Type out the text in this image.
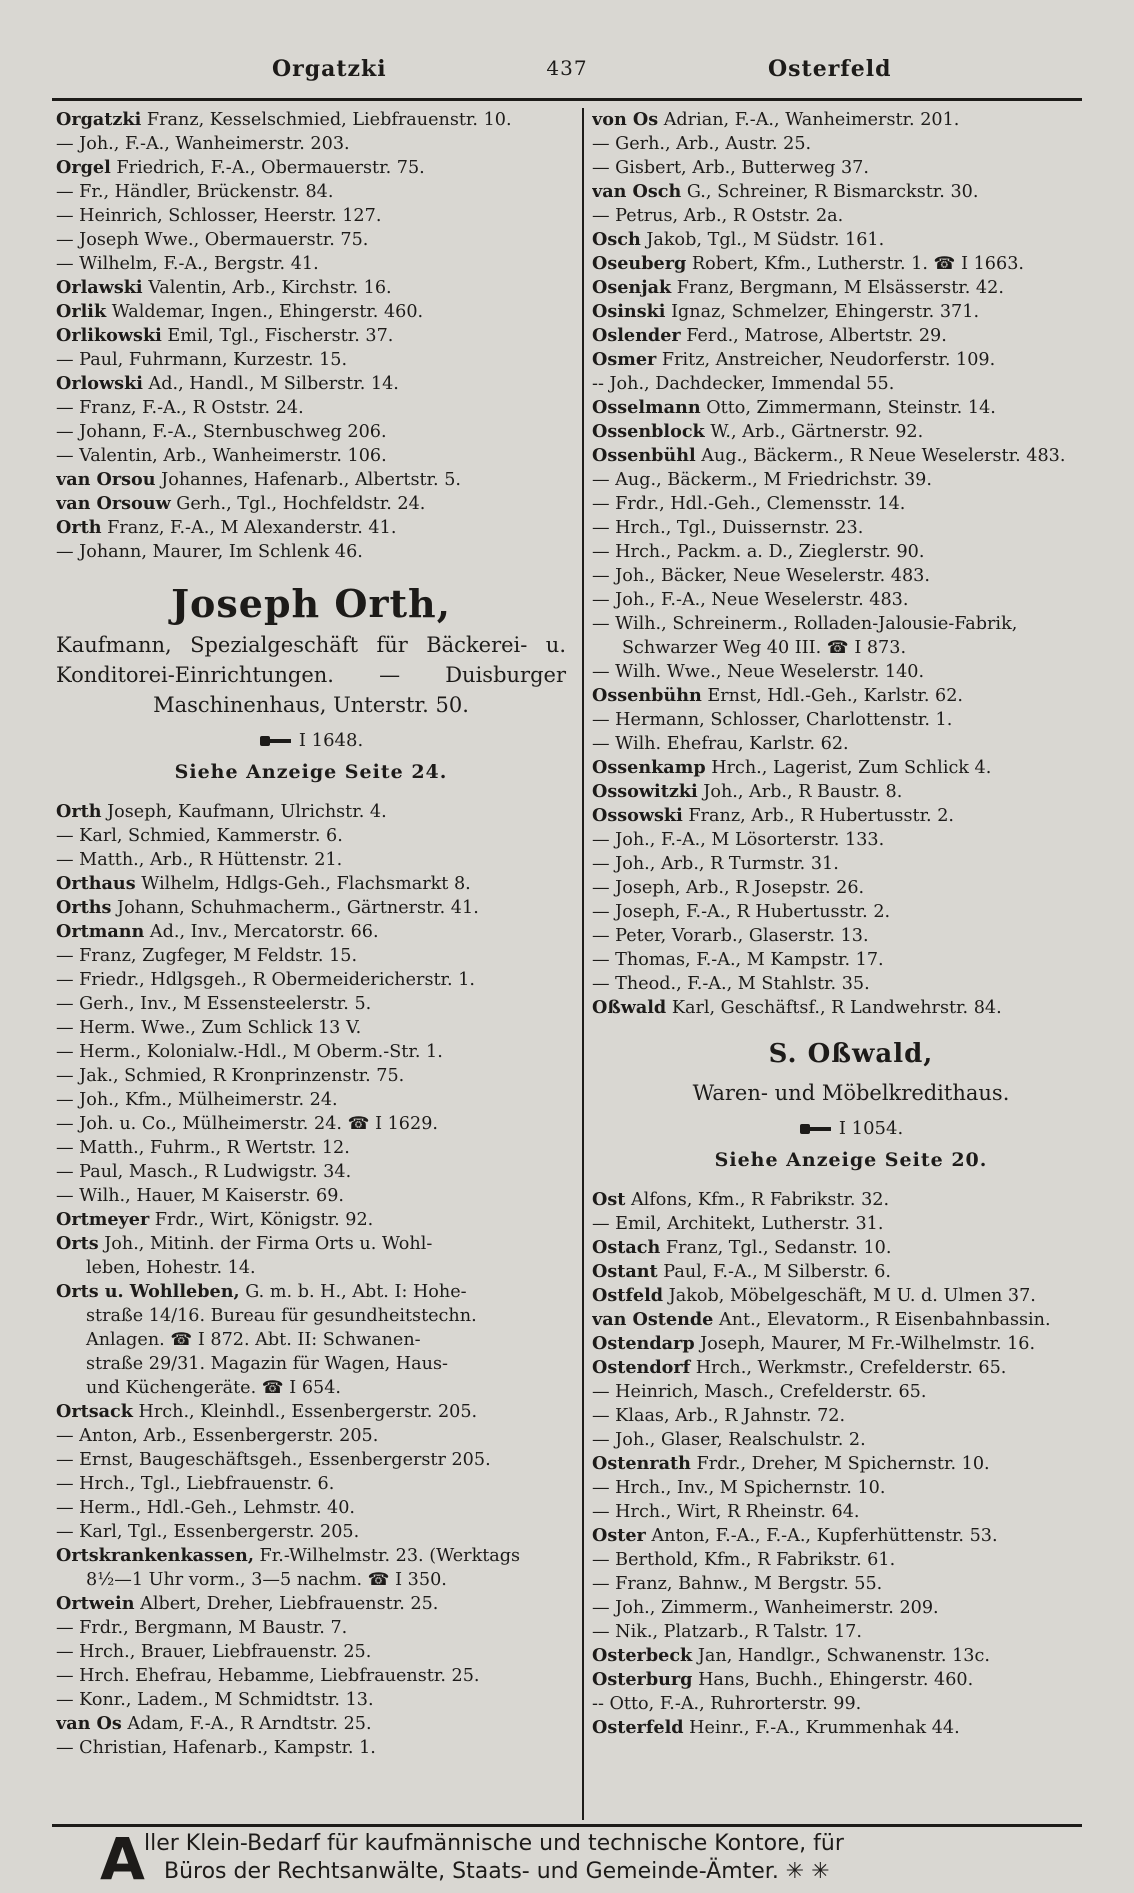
Orgatzki	437	Osterfeld
Orgatzki Franz, Kesselschmied, Liebfrauenstr. 10.
— Joh., F.-A., Wanheimerstr. 203.
Orgel Friedrich, F.-A., Obermauerstr. 75.
— Fr., Händler, Brückenstr. 84.
— Heinrich, Schlosser, Heerstr. 127.
— Joseph Wwe., Obermauerstr. 75.
— Wilhelm, F.-A., Bergstr. 41.
Orlawski Valentin, Arb., Kirchstr. 16.
Orlik Waldemar, Ingen., Ehingerstr. 460.
Orlikowski Emil, Tgl., Fischerstr. 37.
— Paul, Fuhrmann, Kurzestr. 15.
Orlowski Ad., Handl., M Silberstr. 14.
— Franz, F.-A., R Oststr. 24.
— Johann, F.-A., Sternbuschweg 206.
— Valentin, Arb., Wanheimerstr. 106.
van Orsou Johannes, Hafenarb., Albertstr. 5.
van Orsouw Gerh., Tgl., Hochfeldstr. 24.
Orth Franz, F.-A., M Alexanderstr. 41.
— Johann, Maurer, Im Schlenk 46.
Joseph Orth,
Kaufmann, Spezialgeschäft für Bäckerei- u.
Konditorei-Einrichtungen. — Duisburger
Maschinenhaus, Unterstr. 50.
I 1648.
Siehe Anzeige Seite 24.
Orth Joseph, Kaufmann, Ulrichstr. 4.
— Karl, Schmied, Kammerstr. 6.
— Matth., Arb., R Hüttenstr. 21.
Orthaus Wilhelm, Hdlgs-Geh., Flachsmarkt 8.
Orths Johann, Schuhmacherm., Gärtnerstr. 41.
Ortmann Ad., Inv., Mercatorstr. 66.
— Franz, Zugfeger, M Feldstr. 15.
— Friedr., Hdlgsgeh., R Obermeidericherstr. 1.
— Gerh., Inv., M Essensteelerstr. 5.
— Herm. Wwe., Zum Schlick 13 V.
— Herm., Kolonialw.-Hdl., M Oberm.-Str. 1.
— Jak., Schmied, R Kronprinzenstr. 75.
— Joh., Kfm., Mülheimerstr. 24.
— Joh. u. Co., Mülheimerstr. 24. ☎ I 1629.
— Matth., Fuhrm., R Wertstr. 12.
— Paul, Masch., R Ludwigstr. 34.
— Wilh., Hauer, M Kaiserstr. 69.
Ortmeyer Frdr., Wirt, Königstr. 92.
Orts Joh., Mitinh. der Firma Orts u. Wohl-
leben, Hohestr. 14.
Orts u. Wohlleben, G. m. b. H., Abt. I: Hohe-
straße 14/16. Bureau für gesundheitstechn.
Anlagen. ☎ I 872. Abt. II: Schwanen-
straße 29/31. Magazin für Wagen, Haus-
und Küchengeräte. ☎ I 654.
Ortsack Hrch., Kleinhdl., Essenbergerstr. 205.
— Anton, Arb., Essenbergerstr. 205.
— Ernst, Baugeschäftsgeh., Essenbergerstr 205.
— Hrch., Tgl., Liebfrauenstr. 6.
— Herm., Hdl.-Geh., Lehmstr. 40.
— Karl, Tgl., Essenbergerstr. 205.
Ortskrankenkassen, Fr.-Wilhelmstr. 23. (Werktags
8½—1 Uhr vorm., 3—5 nachm. ☎ I 350.
Ortwein Albert, Dreher, Liebfrauenstr. 25.
— Frdr., Bergmann, M Baustr. 7.
— Hrch., Brauer, Liebfrauenstr. 25.
— Hrch. Ehefrau, Hebamme, Liebfrauenstr. 25.
— Konr., Ladem., M Schmidtstr. 13.
van Os Adam, F.-A., R Arndtstr. 25.
— Christian, Hafenarb., Kampstr. 1.
von Os Adrian, F.-A., Wanheimerstr. 201.
— Gerh., Arb., Austr. 25.
— Gisbert, Arb., Butterweg 37.
van Osch G., Schreiner, R Bismarckstr. 30.
— Petrus, Arb., R Oststr. 2a.
Osch Jakob, Tgl., M Südstr. 161.
Oseuberg Robert, Kfm., Lutherstr. 1. ☎ I 1663.
Osenjak Franz, Bergmann, M Elsässerstr. 42.
Osinski Ignaz, Schmelzer, Ehingerstr. 371.
Oslender Ferd., Matrose, Albertstr. 29.
Osmer Fritz, Anstreicher, Neudorferstr. 109.
-- Joh., Dachdecker, Immendal 55.
Osselmann Otto, Zimmermann, Steinstr. 14.
Ossenblock W., Arb., Gärtnerstr. 92.
Ossenbühl Aug., Bäckerm., R Neue Weselerstr. 483.
— Aug., Bäckerm., M Friedrichstr. 39.
— Frdr., Hdl.-Geh., Clemensstr. 14.
— Hrch., Tgl., Duissernstr. 23.
— Hrch., Packm. a. D., Zieglerstr. 90.
— Joh., Bäcker, Neue Weselerstr. 483.
— Joh., F.-A., Neue Weselerstr. 483.
— Wilh., Schreinerm., Rolladen-Jalousie-Fabrik,
Schwarzer Weg 40 III. ☎ I 873.
— Wilh. Wwe., Neue Weselerstr. 140.
Ossenbühn Ernst, Hdl.-Geh., Karlstr. 62.
— Hermann, Schlosser, Charlottenstr. 1.
— Wilh. Ehefrau, Karlstr. 62.
Ossenkamp Hrch., Lagerist, Zum Schlick 4.
Ossowitzki Joh., Arb., R Baustr. 8.
Ossowski Franz, Arb., R Hubertusstr. 2.
— Joh., F.-A., M Lösorterstr. 133.
— Joh., Arb., R Turmstr. 31.
— Joseph, Arb., R Josepstr. 26.
— Joseph, F.-A., R Hubertusstr. 2.
— Peter, Vorarb., Glaserstr. 13.
— Thomas, F.-A., M Kampstr. 17.
— Theod., F.-A., M Stahlstr. 35.
Oßwald Karl, Geschäftsf., R Landwehrstr. 84.
S. Oßwald,
Waren- und Möbelkredithaus.
I 1054.
Siehe Anzeige Seite 20.
Ost Alfons, Kfm., R Fabrikstr. 32.
— Emil, Architekt, Lutherstr. 31.
Ostach Franz, Tgl., Sedanstr. 10.
Ostant Paul, F.-A., M Silberstr. 6.
Ostfeld Jakob, Möbelgeschäft, M U. d. Ulmen 37.
van Ostende Ant., Elevatorm., R Eisenbahnbassin.
Ostendarp Joseph, Maurer, M Fr.-Wilhelmstr. 16.
Ostendorf Hrch., Werkmstr., Crefelderstr. 65.
— Heinrich, Masch., Crefelderstr. 65.
— Klaas, Arb., R Jahnstr. 72.
— Joh., Glaser, Realschulstr. 2.
Ostenrath Frdr., Dreher, M Spichernstr. 10.
— Hrch., Inv., M Spichernstr. 10.
— Hrch., Wirt, R Rheinstr. 64.
Oster Anton, F.-A., F.-A., Kupferhüttenstr. 53.
— Berthold, Kfm., R Fabrikstr. 61.
— Franz, Bahnw., M Bergstr. 55.
— Joh., Zimmerm., Wanheimerstr. 209.
— Nik., Platzarb., R Talstr. 17.
Osterbeck Jan, Handlgr., Schwanenstr. 13c.
Osterburg Hans, Buchh., Ehingerstr. 460.
-- Otto, F.-A., Ruhrorterstr. 99.
Osterfeld Heinr., F.-A., Krummenhak 44.
A ller Klein-Bedarf für kaufmännische und technische Kontore, für
Büros der Rechtsanwälte, Staats- und Gemeinde-Ämter. ✳ ✳
